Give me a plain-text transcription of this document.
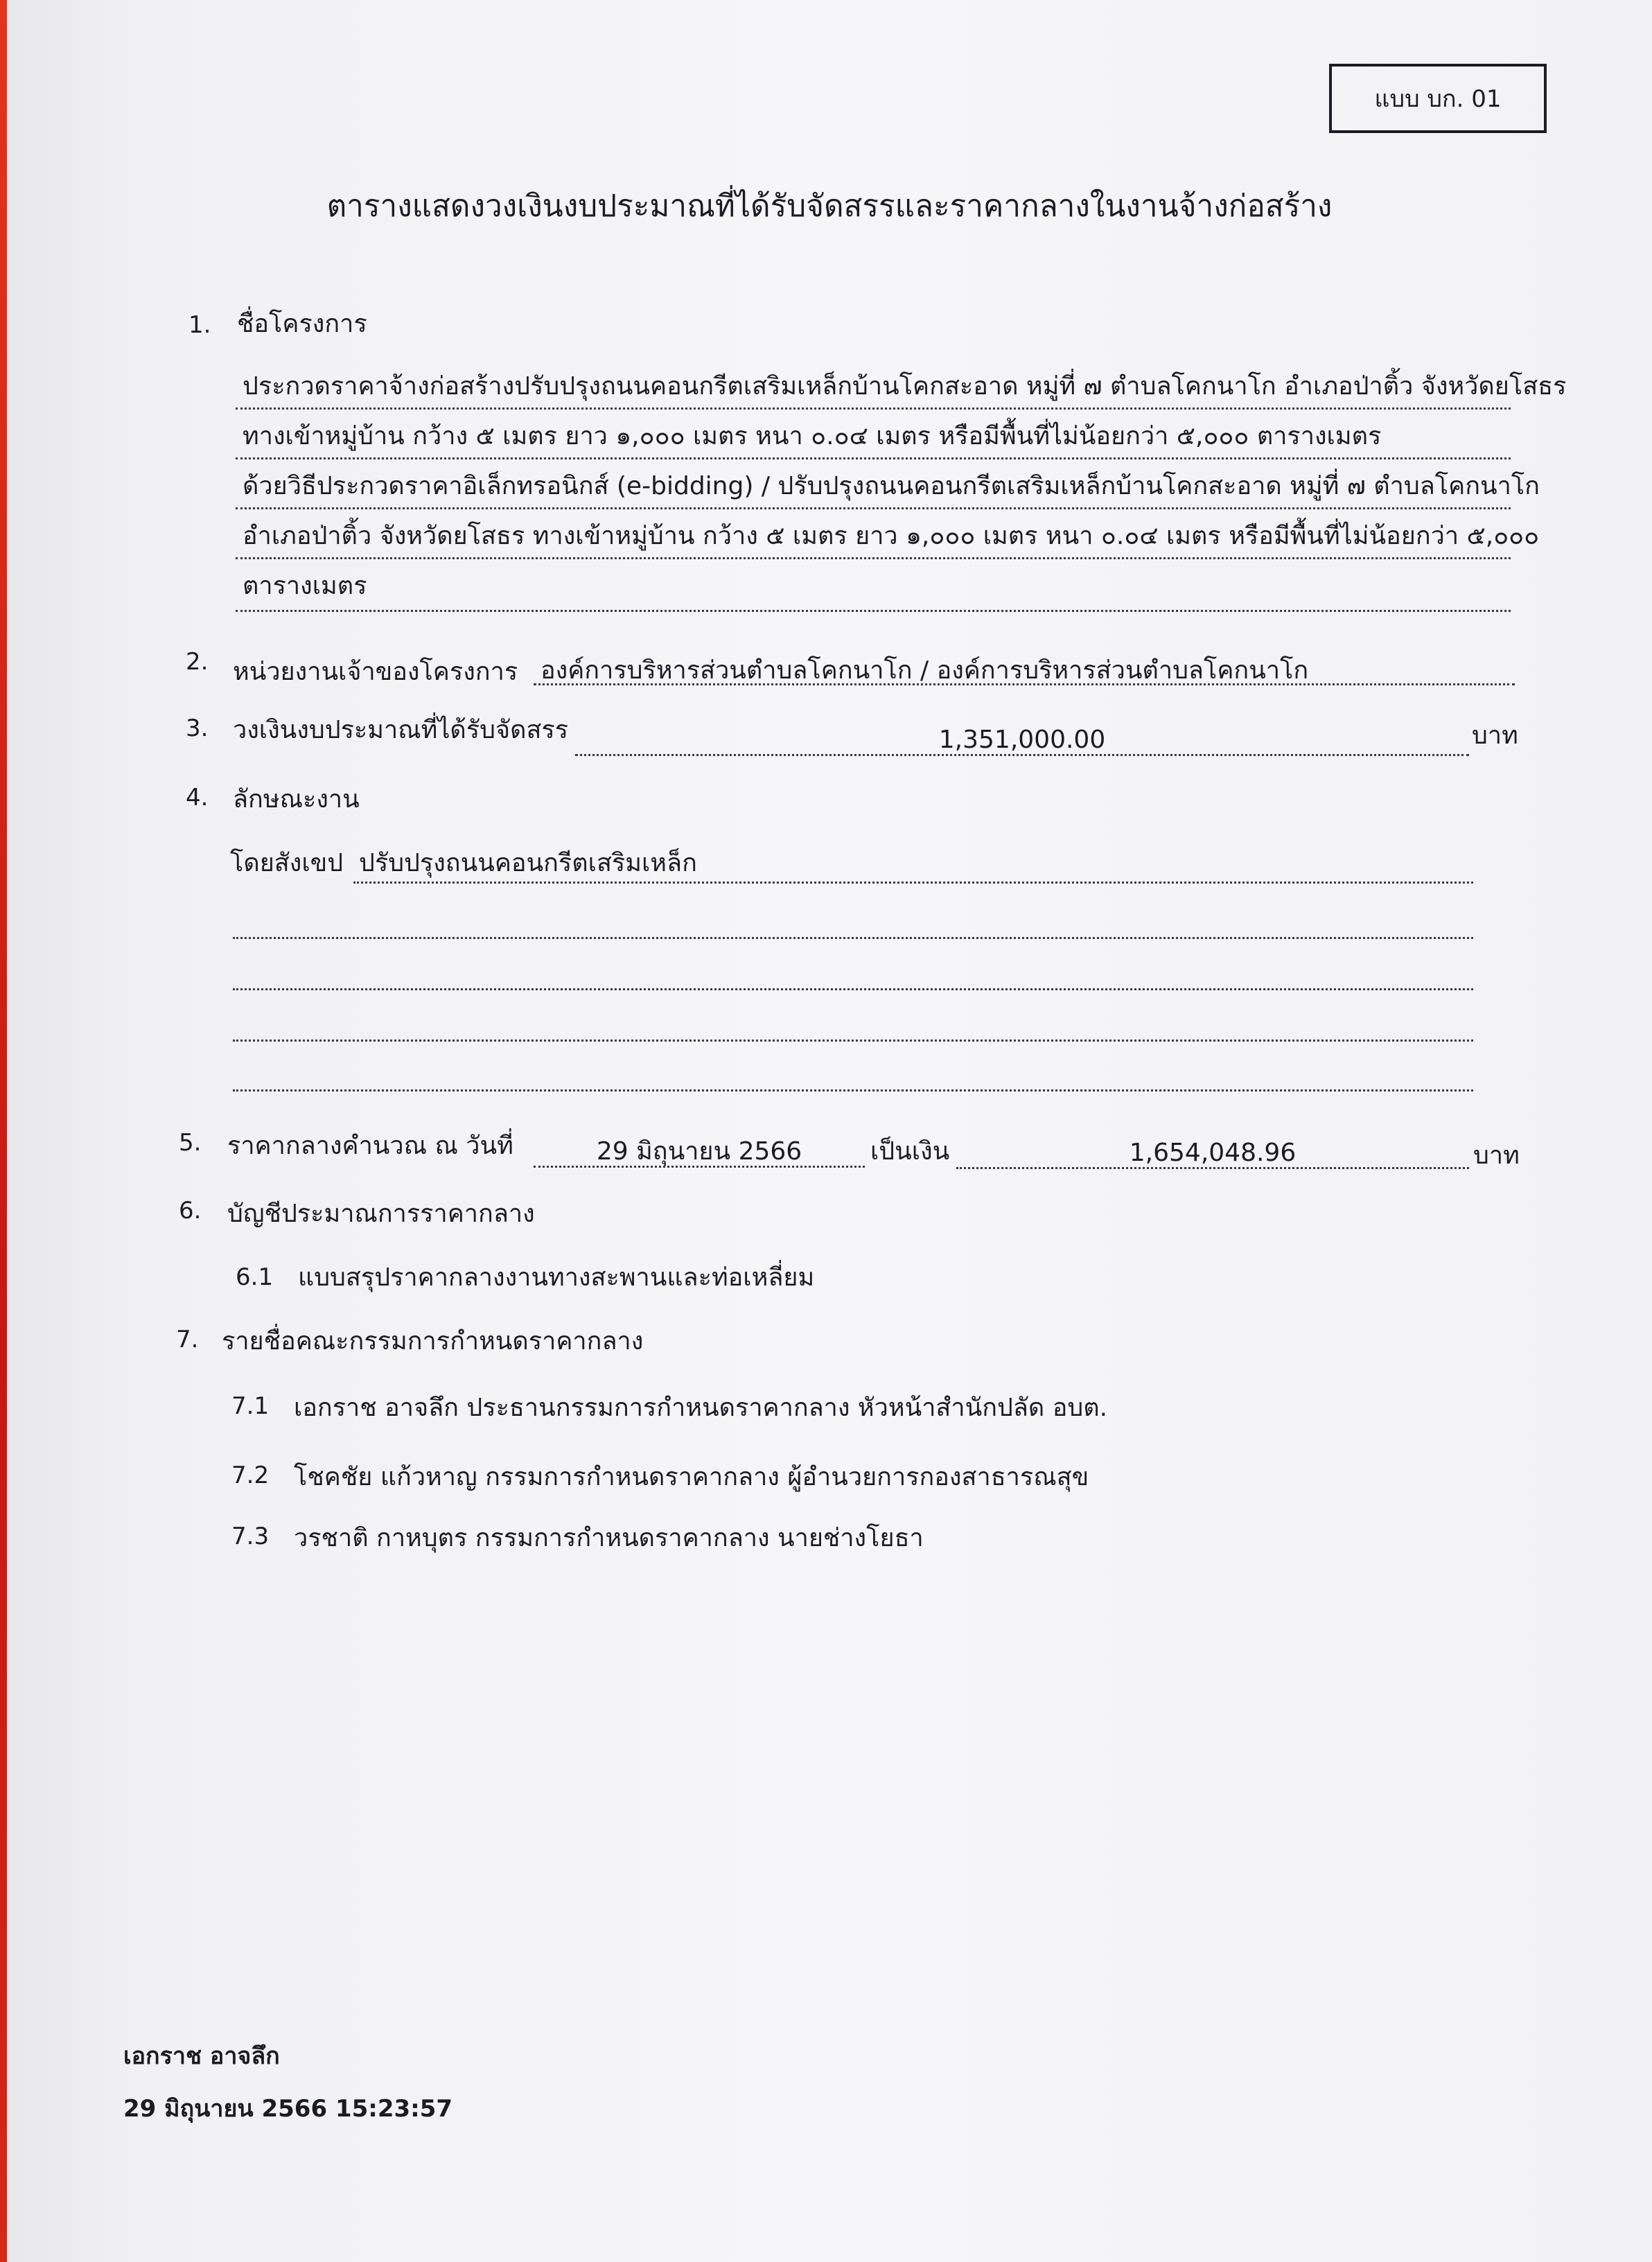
แบบ บก. 01
ตารางแสดงวงเงินงบประมาณที่ได้รับจัดสรรและราคากลางในงานจ้างก่อสร้าง
1. ชื่อโครงการ
ประกวดราคาจ้างก่อสร้างปรับปรุงถนนคอนกรีตเสริมเหล็กบ้านโคกสะอาด หมู่ที่ ๗ ตำบลโคกนาโก อำเภอป่าติ้ว จังหวัดยโสธร
ทางเข้าหมู่บ้าน กว้าง ๕ เมตร ยาว ๑,๐๐๐ เมตร หนา ๐.๐๔ เมตร หรือมีพื้นที่ไม่น้อยกว่า ๕,๐๐๐ ตารางเมตร
ด้วยวิธีประกวดราคาอิเล็กทรอนิกส์ (e-bidding) / ปรับปรุงถนนคอนกรีตเสริมเหล็กบ้านโคกสะอาด หมู่ที่ ๗ ตำบลโคกนาโก
อำเภอป่าติ้ว จังหวัดยโสธร ทางเข้าหมู่บ้าน กว้าง ๕ เมตร ยาว ๑,๐๐๐ เมตร หนา ๐.๐๔ เมตร หรือมีพื้นที่ไม่น้อยกว่า ๕,๐๐๐
ตารางเมตร
2. หน่วยงานเจ้าของโครงการ องค์การบริหารส่วนตำบลโคกนาโก / องค์การบริหารส่วนตำบลโคกนาโก
3. วงเงินงบประมาณที่ได้รับจัดสรร	1,351,000.00	บาท
4. ลักษณะงาน
โดยสังเขป ปรับปรุงถนนคอนกรีตเสริมเหล็ก
5. ราคากลางคำนวณ ณ วันที่	29 มิถุนายน 2566	เป็นเงิน	1,654,048.96	บาท
6. บัญชีประมาณการราคากลาง
6.1 แบบสรุปราคากลางงานทางสะพานและท่อเหลี่ยม
7. รายชื่อคณะกรรมการกำหนดราคากลาง
7.1 เอกราช อาจลึก ประธานกรรมการกำหนดราคากลาง หัวหน้าสำนักปลัด อบต.
7.2 โชคชัย แก้วหาญ กรรมการกำหนดราคากลาง ผู้อำนวยการกองสาธารณสุข
7.3 วรชาติ กาหบุตร กรรมการกำหนดราคากลาง นายช่างโยธา
เอกราช อาจลึก
29 มิถุนายน 2566 15:23:57
